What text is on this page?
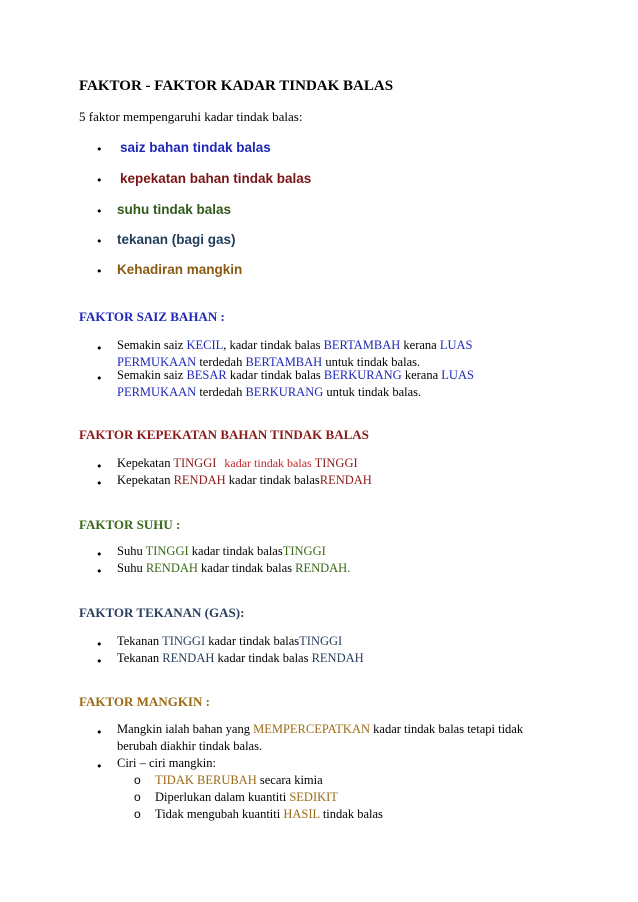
FAKTOR - FAKTOR KADAR TINDAK BALAS
5 faktor mempengaruhi kadar tindak balas:
• saiz bahan tindak balas
• kepekatan bahan tindak balas
• suhu tindak balas
• tekanan (bagi gas)
• Kehadiran mangkin
FAKTOR SAIZ BAHAN :
• Semakin saiz KECIL, kadar tindak balas BERTAMBAH kerana LUAS
PERMUKAAN terdedah BERTAMBAH untuk tindak balas.
• Semakin saiz BESAR kadar tindak balas BERKURANG kerana LUAS
PERMUKAAN terdedah BERKURANG untuk tindak balas.
FAKTOR KEPEKATAN BAHAN TINDAK BALAS
• Kepekatan TINGGI kadar tindak balas TINGGI
• Kepekatan RENDAH kadar tindak balasRENDAH
FAKTOR SUHU :
• Suhu TINGGI kadar tindak balasTINGGI
• Suhu RENDAH kadar tindak balas RENDAH.
FAKTOR TEKANAN (GAS):
• Tekanan TINGGI kadar tindak balasTINGGI
• Tekanan RENDAH kadar tindak balas RENDAH
FAKTOR MANGKIN :
• Mangkin ialah bahan yang MEMPERCEPATKAN kadar tindak balas tetapi tidak
berubah diakhir tindak balas.
• Ciri – ciri mangkin:
o TIDAK BERUBAH secara kimia
o Diperlukan dalam kuantiti SEDIKIT
o Tidak mengubah kuantiti HASIL tindak balas
